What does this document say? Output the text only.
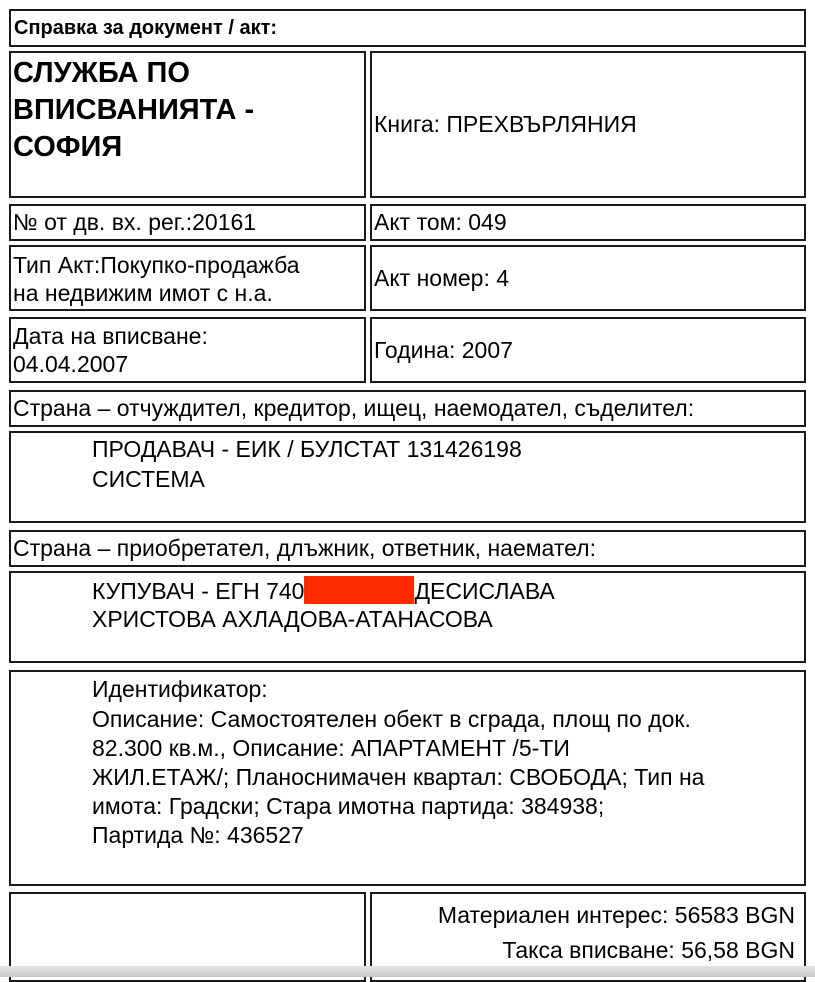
Справка за документ / акт:
СЛУЖБА ПО
ВПИСВАНИЯТА -
СОФИЯ
Книга: ПРЕХВЪРЛЯНИЯ
№ от дв. вх. рег.:20161	Акт том: 049
Тип Акт:Покупко-продажба
на недвижим имот с н.а.
Акт номер: 4
Дата на вписване:
04.04.2007
Година: 2007
Страна – отчуждител, кредитор, ищец, наемодател, съделител:
ПРОДАВАЧ - ЕИК / БУЛСТАТ 131426198
СИСТЕМА
Страна – приобретател, длъжник, ответник, наемател:
КУПУВАЧ - ЕГН 740	ДЕСИСЛАВА
ХРИСТОВА АХЛАДОВА-АТАНАСОВА
Идентификатор:
Описание: Самостоятелен обект в сграда, площ по док.
82.300 кв.м., Описание: АПАРТАМЕНТ /5-ТИ
ЖИЛ.ЕТАЖ/; Планоснимачен квартал: СВОБОДА; Тип на
имота: Градски; Стара имотна партида: 384938;
Партида №: 436527
Материален интерес: 56583 BGN
Такса вписване: 56,58 BGN
